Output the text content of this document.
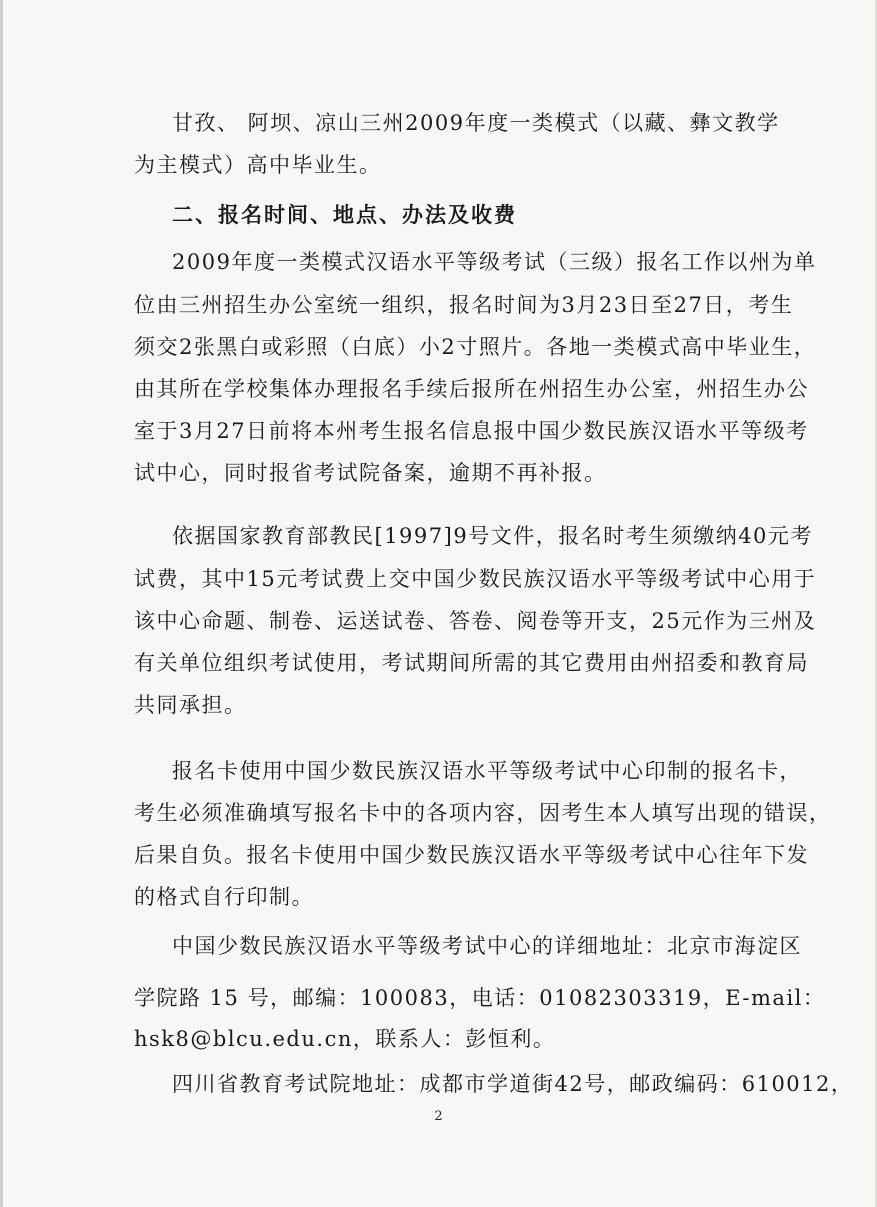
甘孜、 阿坝、凉山三州2009年度一类模式（以藏、彝文教学
为主模式）高中毕业生。
二、报名时间、地点、办法及收费
2009年度一类模式汉语水平等级考试（三级）报名工作以州为单
位由三州招生办公室统一组织，报名时间为3月23日至27日，考生
须交2张黑白或彩照（白底）小2寸照片。各地一类模式高中毕业生，
由其所在学校集体办理报名手续后报所在州招生办公室，州招生办公
室于3月27日前将本州考生报名信息报中国少数民族汉语水平等级考
试中心，同时报省考试院备案，逾期不再补报。
依据国家教育部教民[1997]9号文件，报名时考生须缴纳40元考
试费，其中15元考试费上交中国少数民族汉语水平等级考试中心用于
该中心命题、制卷、运送试卷、答卷、阅卷等开支，25元作为三州及
有关单位组织考试使用，考试期间所需的其它费用由州招委和教育局
共同承担。
报名卡使用中国少数民族汉语水平等级考试中心印制的报名卡，
考生必须准确填写报名卡中的各项内容，因考生本人填写出现的错误，
后果自负。报名卡使用中国少数民族汉语水平等级考试中心往年下发
的格式自行印制。
中国少数民族汉语水平等级考试中心的详细地址：北京市海淀区
学院路 15 号，邮编：100083，电话：01082303319，E-mail：
hsk8@blcu.edu.cn，联系人：彭恒利。
四川省教育考试院地址：成都市学道街42号，邮政编码：610012，
2
